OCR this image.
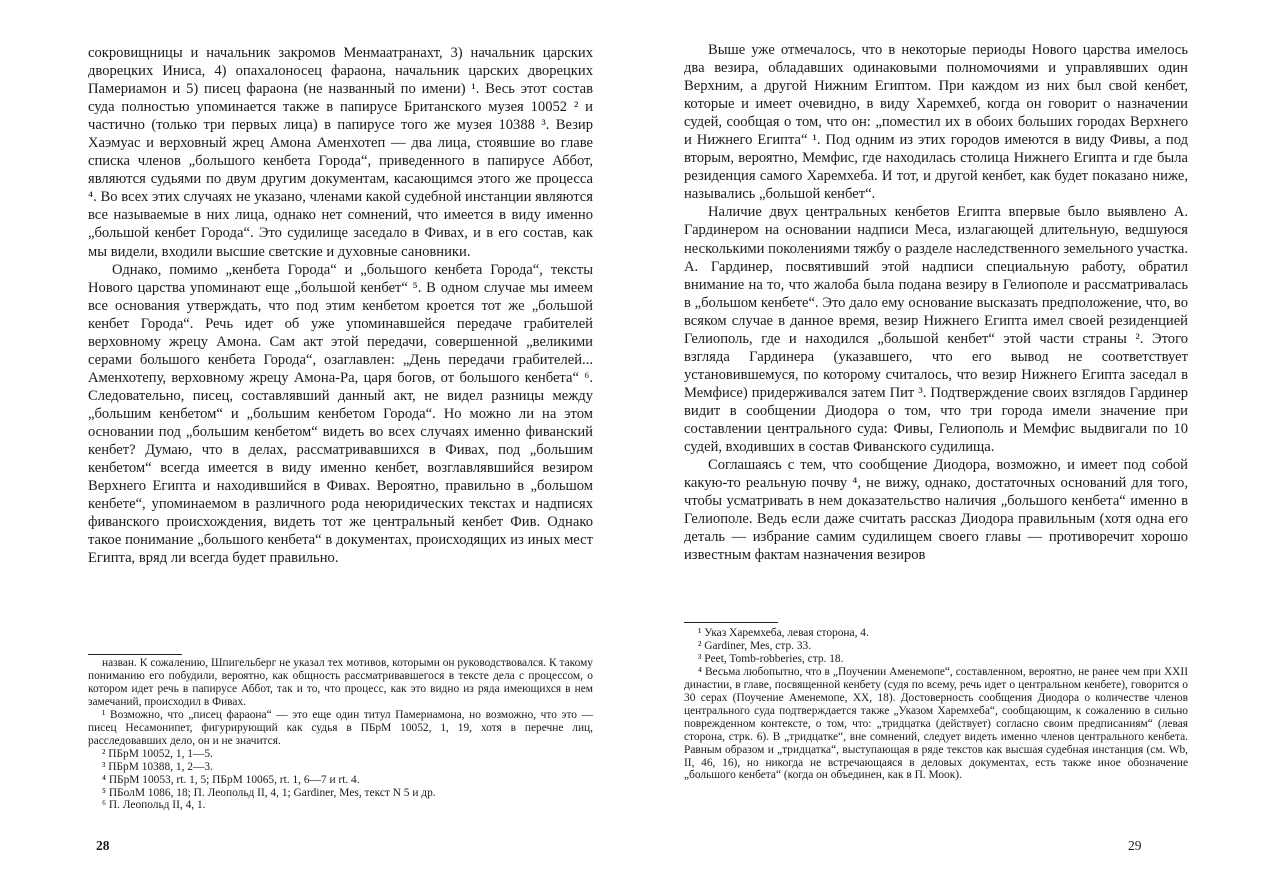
сокровищницы и начальник закромов Менмаатранахт, 3) начальник царских дворецких Иниса, 4) опахалоносец фараона, начальник царских дворецких Памериамон и 5) писец фараона (не названный по имени) ¹. Весь этот состав суда полностью упоминается также в папирусе Британского музея 10052 ² и частично (только три первых лица) в папирусе того же музея 10388 ³. Везир Хаэмуас и верховный жрец Амона Аменхотеп — два лица, стоявшие во главе списка членов „большого кенбета Города“, приведенного в папирусе Аббот, являются судьями по двум другим документам, касающимся этого же процесса ⁴. Во всех этих случаях не указано, членами какой судебной инстанции являются все называемые в них лица, однако нет сомнений, что имеется в виду именно „большой кенбет Города“. Это судилище заседало в Фивах, и в его состав, как мы видели, входили высшие светские и духовные сановники.

Однако, помимо „кенбета Города“ и „большого кенбета Города“, тексты Нового царства упоминают еще „большой кенбет“ ⁵. В одном случае мы имеем все основания утверждать, что под этим кенбетом кроется тот же „большой кенбет Города“. Речь идет об уже упоминавшейся передаче грабителей верховному жрецу Амона. Сам акт этой передачи, совершенной „великими серами большого кенбета Города“, озаглавлен: „День передачи грабителей... Аменхотепу, верховному жрецу Амона-Ра, царя богов, от большого кенбета“ ⁶. Следовательно, писец, составлявший данный акт, не видел разницы между „большим кенбетом“ и „большим кенбетом Города“. Но можно ли на этом основании под „большим кенбетом“ видеть во всех случаях именно фиванский кенбет? Думаю, что в делах, рассматривавшихся в Фивах, под „большим кенбетом“ всегда имеется в виду именно кенбет, возглавлявшийся везиром Верхнего Египта и находившийся в Фивах. Вероятно, правильно в „большом кенбете“, упоминаемом в различного рода неюридических текстах и надписях фиванского происхождения, видеть тот же центральный кенбет Фив. Однако такое понимание „большого кенбета“ в документах, происходящих из иных мест Египта, вряд ли всегда будет правильно.

назван. К сожалению, Шпигельберг не указал тех мотивов, которыми он руководствовался. К такому пониманию его побудили, вероятно, как общность рассматривавшегося в тексте дела с процессом, о котором идет речь в папирусе Аббот, так и то, что процесс, как это видно из ряда имеющихся в нем замечаний, происходил в Фивах.

¹ Возможно, что „писец фараона“ — это еще один титул Памериамона, но возможно, что это — писец Несамонипет, фигурирующий как судья в ПБрМ 10052, 1, 19, хотя в перечне лиц, расследовавших дело, он и не значится.

² ПБрМ 10052, 1, 1—5.

³ ПБрМ 10388, 1, 2—3.

⁴ ПБрМ 10053, rt. 1, 5; ПБрМ 10065, rt. 1, 6—7 и rt. 4.

⁵ ПБолМ 1086, 18; П. Леопольд II, 4, 1; Gardiner, Mes, текст N 5 и др.

⁶ П. Леопольд II, 4, 1.

28

Выше уже отмечалось, что в некоторые периоды Нового царства имелось два везира, обладавших одинаковыми полномочиями и управлявших один Верхним, а другой Нижним Египтом. При каждом из них был свой кенбет, которые и имеет очевидно, в виду Харемхеб, когда он говорит о назначении судей, сообщая о том, что он: „поместил их в обоих больших городах Верхнего и Нижнего Египта“ ¹. Под одним из этих городов имеются в виду Фивы, а под вторым, вероятно, Мемфис, где находилась столица Нижнего Египта и где была резиденция самого Харемхеба. И тот, и другой кенбет, как будет показано ниже, назывались „большой кенбет“.

Наличие двух центральных кенбетов Египта впервые было выявлено А. Гардинером на основании надписи Меса, излагающей длительную, ведшуюся несколькими поколениями тяжбу о разделе наследственного земельного участка. А. Гардинер, посвятивший этой надписи специальную работу, обратил внимание на то, что жалоба была подана везиру в Гелиополе и рассматривалась в „большом кенбете“. Это дало ему основание высказать предположение, что, во всяком случае в данное время, везир Нижнего Египта имел своей резиденцией Гелиополь, где и находился „большой кенбет“ этой части страны ². Этого взгляда Гардинера (указавшего, что его вывод не соответствует установившемуся, по которому считалось, что везир Нижнего Египта заседал в Мемфисе) придерживался затем Пит ³. Подтверждение своих взглядов Гардинер видит в сообщении Диодора о том, что три города имели значение при составлении центрального суда: Фивы, Гелиополь и Мемфис выдвигали по 10 судей, входивших в состав Фиванского судилища.

Соглашаясь с тем, что сообщение Диодора, возможно, и имеет под собой какую-то реальную почву ⁴, не вижу, однако, достаточных оснований для того, чтобы усматривать в нем доказательство наличия „большого кенбета“ именно в Гелиополе. Ведь если даже считать рассказ Диодора правильным (хотя одна его деталь — избрание самим судилищем своего главы — противоречит хорошо известным фактам назначения везиров

¹ Указ Харемхеба, левая сторона, 4.

² Gardiner, Mes, стр. 33.

³ Peet, Tomb-robberies, стр. 18.

⁴ Весьма любопытно, что в „Поучении Аменемопе“, составленном, вероятно, не ранее чем при XXII династии, в главе, посвященной кенбету (судя по всему, речь идет о центральном кенбете), говорится о 30 серах (Поучение Аменемопе, XX, 18). Достоверность сообщения Диодора о количестве членов центрального суда подтверждается также „Указом Харемхеба“, сообщающим, к сожалению в сильно поврежденном контексте, о том, что: „тридцатка (действует) согласно своим предписаниям“ (левая сторона, стрк. 6). В „тридцатке“, вне сомнений, следует видеть именно членов центрального кенбета. Равным образом и „тридцатка“, выступающая в ряде текстов как высшая судебная инстанция (см. Wb, II, 46, 16), но никогда не встречающаяся в деловых документах, есть также иное обозначение „большого кенбета“ (когда он объединен, как в П. Моок).

29
